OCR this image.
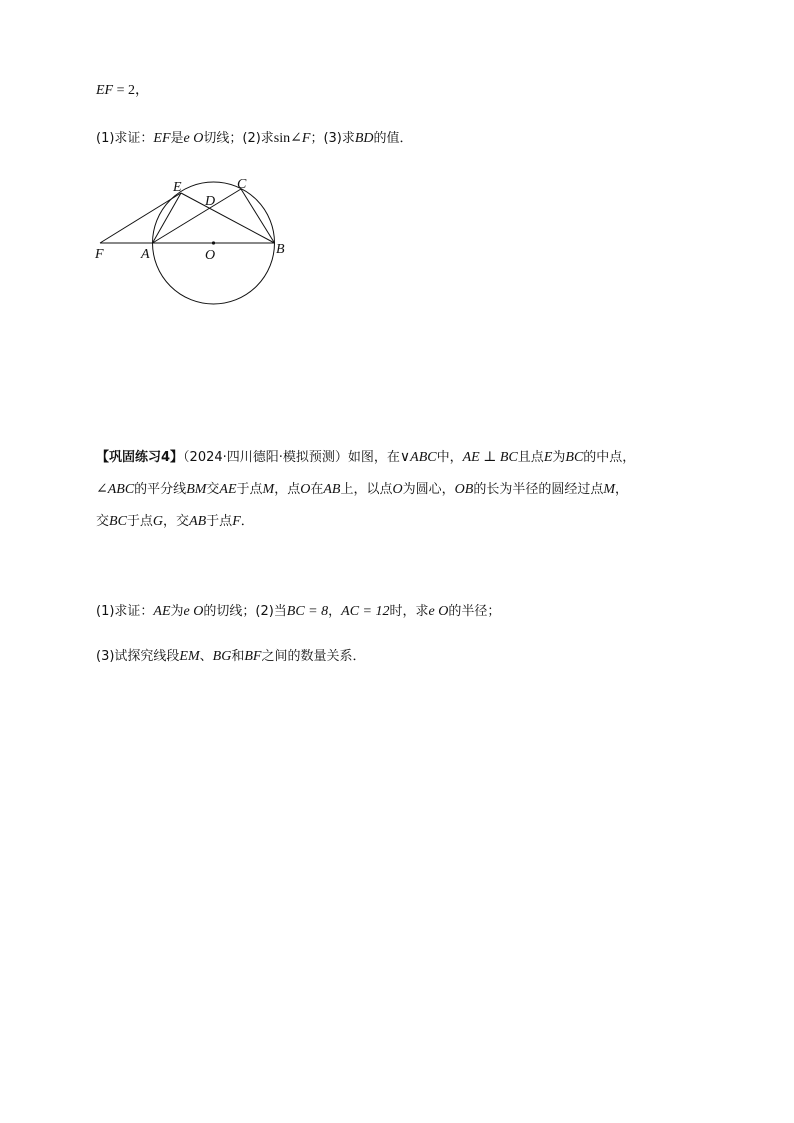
EF = 2，
(1)求证：EF是e O切线；(2)求sin∠F；(3)求BD的值．
E	C
D
F	A	O	B
【巩固练习4】（2024·四川德阳·模拟预测）如图，在∨ABC中，AE ⊥ BC且点E为BC的中点，
∠ABC的平分线BM交AE于点M，点O在AB上，以点O为圆心，OB的长为半径的圆经过点M，
交BC于点G，交AB于点F．
(1)求证：AE为e O的切线；(2)当BC = 8，AC = 12时，求e O的半径；
(3)试探究线段EM、BG和BF之间的数量关系．
